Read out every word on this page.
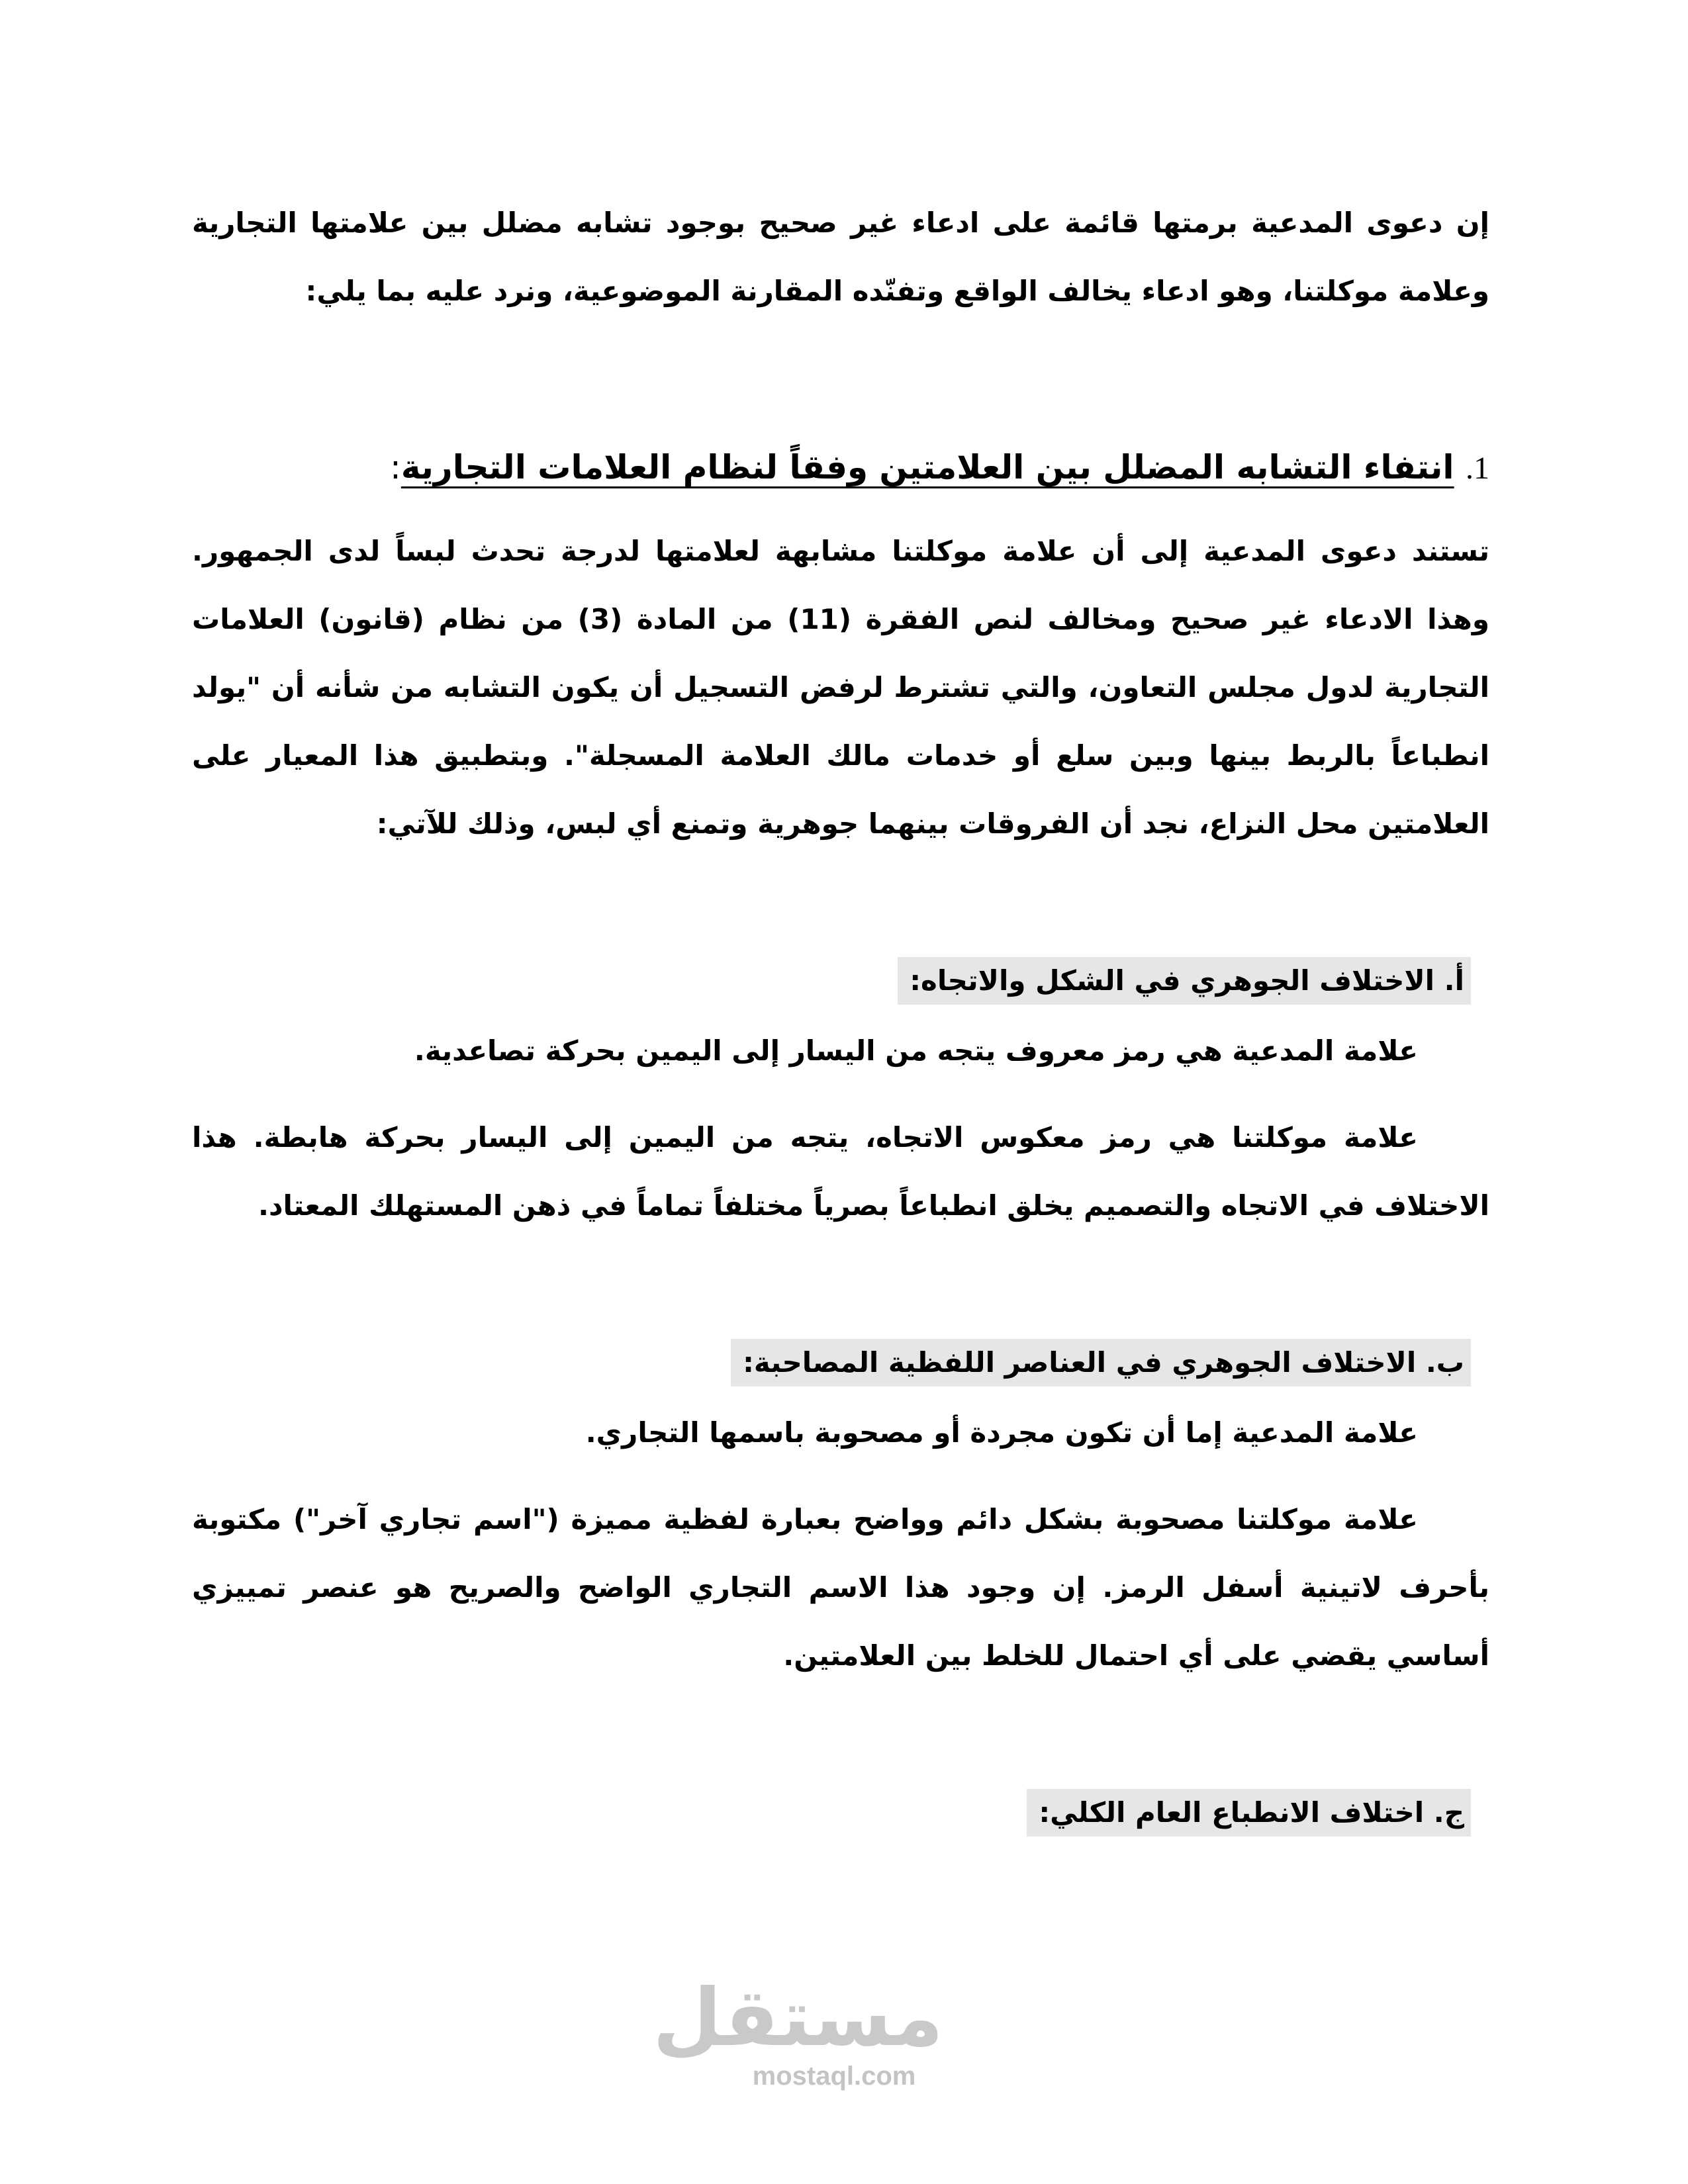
إن دعوى المدعية برمتها قائمة على ادعاء غير صحيح بوجود تشابه مضلل بين علامتها التجارية وعلامة موكلتنا، وهو ادعاء يخالف الواقع وتفنّده المقارنة الموضوعية، ونرد عليه بما يلي:

1. انتفاء التشابه المضلل بين العلامتين وفقاً لنظام العلامات التجارية:

تستند دعوى المدعية إلى أن علامة موكلتنا مشابهة لعلامتها لدرجة تحدث لبساً لدى الجمهور. وهذا الادعاء غير صحيح ومخالف لنص الفقرة (11) من المادة (3) من نظام (قانون) العلامات التجارية لدول مجلس التعاون، والتي تشترط لرفض التسجيل أن يكون التشابه من شأنه أن "يولد انطباعاً بالربط بينها وبين سلع أو خدمات مالك العلامة المسجلة". وبتطبيق هذا المعيار على العلامتين محل النزاع، نجد أن الفروقات بينهما جوهرية وتمنع أي لبس، وذلك للآتي:

أ. الاختلاف الجوهري في الشكل والاتجاه:

علامة المدعية هي رمز معروف يتجه من اليسار إلى اليمين بحركة تصاعدية.

علامة موكلتنا هي رمز معكوس الاتجاه، يتجه من اليمين إلى اليسار بحركة هابطة. هذا الاختلاف في الاتجاه والتصميم يخلق انطباعاً بصرياً مختلفاً تماماً في ذهن المستهلك المعتاد.

ب. الاختلاف الجوهري في العناصر اللفظية المصاحبة:

علامة المدعية إما أن تكون مجردة أو مصحوبة باسمها التجاري.

علامة موكلتنا مصحوبة بشكل دائم وواضح بعبارة لفظية مميزة ("اسم تجاري آخر") مكتوبة بأحرف لاتينية أسفل الرمز. إن وجود هذا الاسم التجاري الواضح والصريح هو عنصر تمييزي أساسي يقضي على أي احتمال للخلط بين العلامتين.

ج. اختلاف الانطباع العام الكلي:
مستقل
mostaql.com
